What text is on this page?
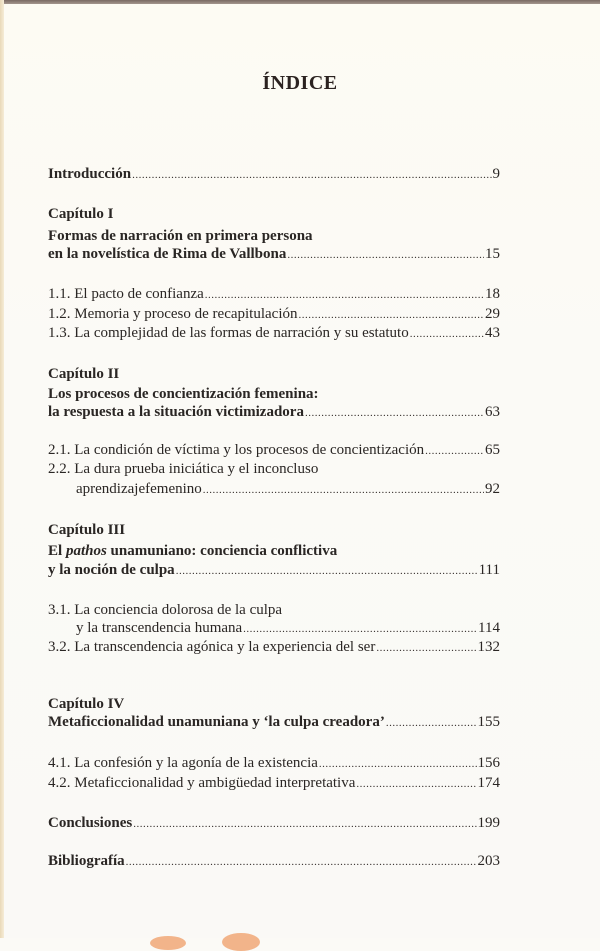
ÍNDICE
Introducción .....	9
Capítulo I
Formas de narración en primera persona
en la novelística de Rima de Vallbona .....	15
1.1. El pacto de confianza .....	18
1.2. Memoria y proceso de recapitulación .....	29
1.3. La complejidad de las formas de narración y su estatuto .....	43
Capítulo II
Los procesos de concientización femenina:
la respuesta a la situación victimizadora .....	63
2.1. La condición de víctima y los procesos de concientización .....	65
2.2. La dura prueba iniciática y el inconcluso
aprendizajefemenino .....	92
Capítulo III
El pathos unamuniano: conciencia conflictiva
y la noción de culpa .....	111
3.1. La conciencia dolorosa de la culpa
y la transcendencia humana .....	114
3.2. La transcendencia agónica y la experiencia del ser .....	132
Capítulo IV
Metaficcionalidad unamuniana y ‘la culpa creadora’ .....	155
4.1. La confesión y la agonía de la existencia .....	156
4.2. Metaficcionalidad y ambigüedad interpretativa .....	174
Conclusiones .....	199
Bibliografía .....	203
